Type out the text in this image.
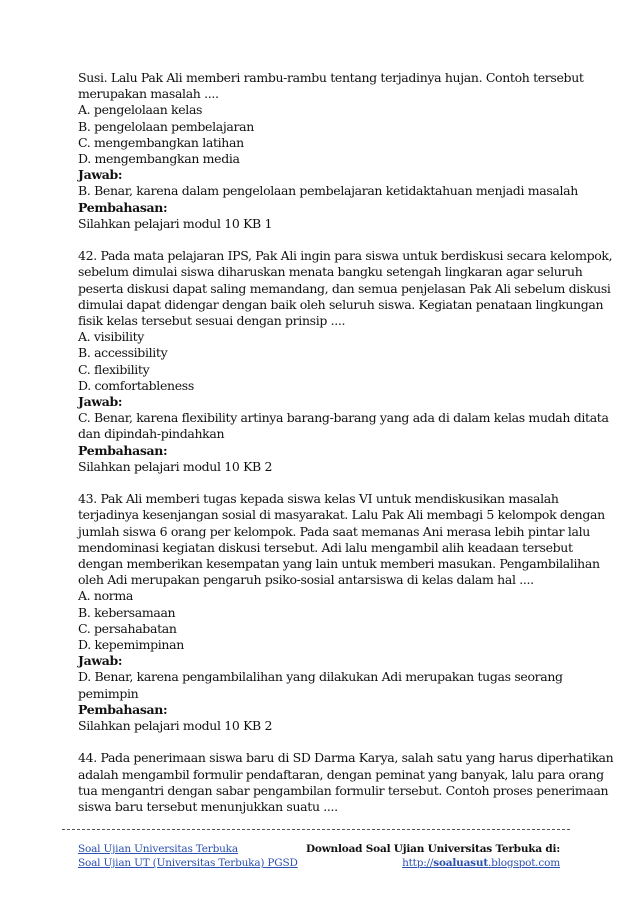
Susi. Lalu Pak Ali memberi rambu-rambu tentang terjadinya hujan. Contoh tersebut
merupakan masalah ....
A. pengelolaan kelas
B. pengelolaan pembelajaran
C. mengembangkan latihan
D. mengembangkan media
Jawab:
B. Benar, karena dalam pengelolaan pembelajaran ketidaktahuan menjadi masalah
Pembahasan:
Silahkan pelajari modul 10 KB 1
42. Pada mata pelajaran IPS, Pak Ali ingin para siswa untuk berdiskusi secara kelompok,
sebelum dimulai siswa diharuskan menata bangku setengah lingkaran agar seluruh
peserta diskusi dapat saling memandang, dan semua penjelasan Pak Ali sebelum diskusi
dimulai dapat didengar dengan baik oleh seluruh siswa. Kegiatan penataan lingkungan
fisik kelas tersebut sesuai dengan prinsip ....
A. visibility
B. accessibility
C. flexibility
D. comfortableness
Jawab:
C. Benar, karena flexibility artinya barang-barang yang ada di dalam kelas mudah ditata
dan dipindah-pindahkan
Pembahasan:
Silahkan pelajari modul 10 KB 2
43. Pak Ali memberi tugas kepada siswa kelas VI untuk mendiskusikan masalah
terjadinya kesenjangan sosial di masyarakat. Lalu Pak Ali membagi 5 kelompok dengan
jumlah siswa 6 orang per kelompok. Pada saat memanas Ani merasa lebih pintar lalu
mendominasi kegiatan diskusi tersebut. Adi lalu mengambil alih keadaan tersebut
dengan memberikan kesempatan yang lain untuk memberi masukan. Pengambilalihan
oleh Adi merupakan pengaruh psiko-sosial antarsiswa di kelas dalam hal ....
A. norma
B. kebersamaan
C. persahabatan
D. kepemimpinan
Jawab:
D. Benar, karena pengambilalihan yang dilakukan Adi merupakan tugas seorang
pemimpin
Pembahasan:
Silahkan pelajari modul 10 KB 2
44. Pada penerimaan siswa baru di SD Darma Karya, salah satu yang harus diperhatikan
adalah mengambil formulir pendaftaran, dengan peminat yang banyak, lalu para orang
tua mengantri dengan sabar pengambilan formulir tersebut. Contoh proses penerimaan
siswa baru tersebut menunjukkan suatu ....
Soal Ujian Universitas Terbuka
Soal Ujian UT (Universitas Terbuka) PGSD
Download Soal Ujian Universitas Terbuka di:
http://soaluasut.blogspot.com
